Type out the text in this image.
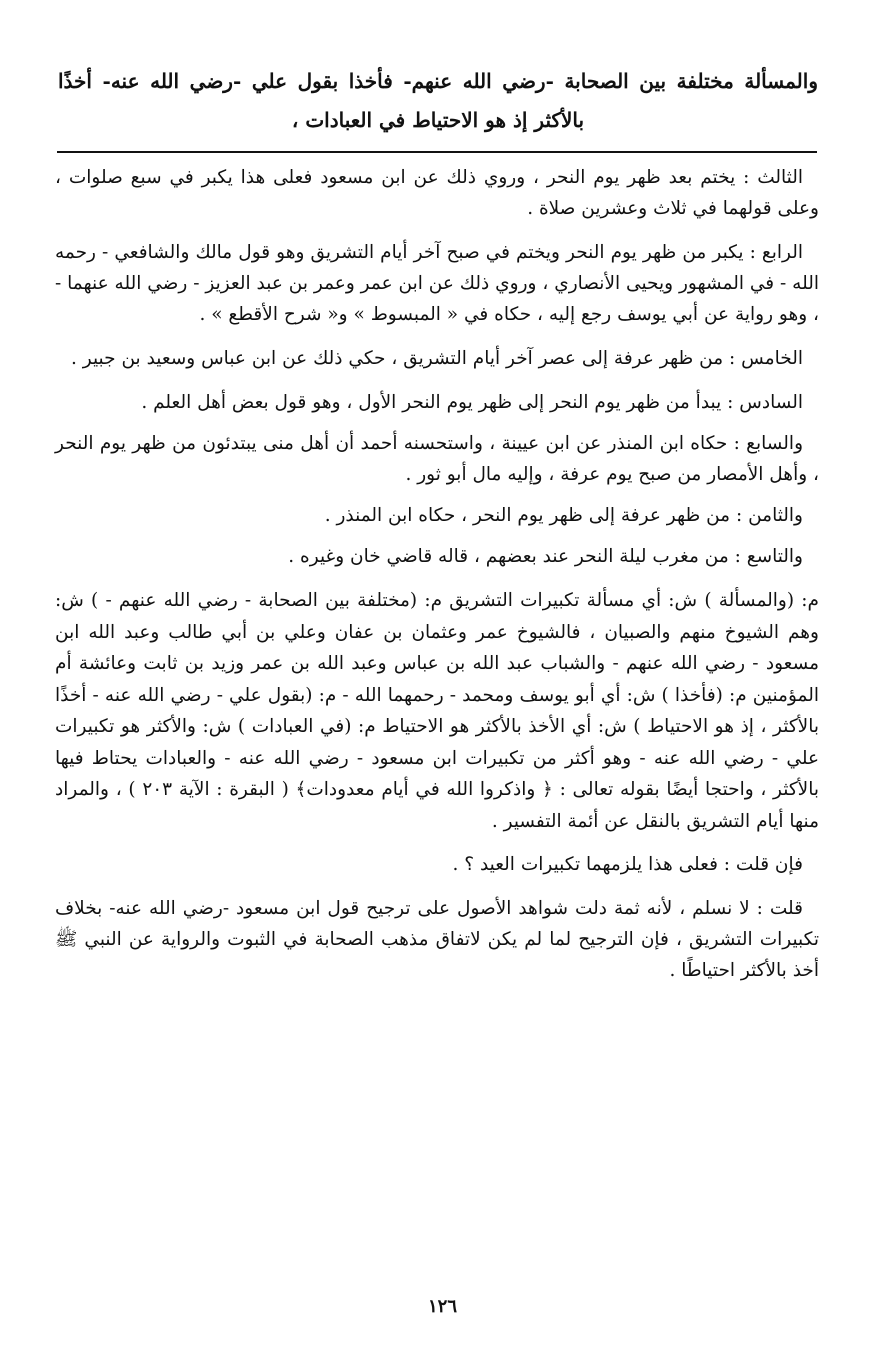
والمسألة مختلفة بين الصحابة -رضي الله عنهم- فأخذا بقول علي -رضي الله عنه- أخذًا بالأكثر إذ هو الاحتياط في العبادات ،

الثالث : يختم بعد ظهر يوم النحر ، وروي ذلك عن ابن مسعود فعلى هذا يكبر في سبع صلوات ، وعلى قولهما في ثلاث وعشرين صلاة .

الرابع : يكبر من ظهر يوم النحر ويختم في صبح آخر أيام التشريق وهو قول مالك والشافعي - رحمه الله - في المشهور ويحيى الأنصاري ، وروي ذلك عن ابن عمر وعمر بن عبد العزيز - رضي الله عنهما - ، وهو رواية عن أبي يوسف رجع إليه ، حكاه في « المبسوط » و« شرح الأقطع » .

الخامس : من ظهر عرفة إلى عصر آخر أيام التشريق ، حكي ذلك عن ابن عباس وسعيد بن جبير .

السادس : يبدأ من ظهر يوم النحر إلى ظهر يوم النحر الأول ، وهو قول بعض أهل العلم .

والسابع : حكاه ابن المنذر عن ابن عيينة ، واستحسنه أحمد أن أهل منى يبتدئون من ظهر يوم النحر ، وأهل الأمصار من صبح يوم عرفة ، وإليه مال أبو ثور .

والثامن : من ظهر عرفة إلى ظهر يوم النحر ، حكاه ابن المنذر .

والتاسع : من مغرب ليلة النحر عند بعضهم ، قاله قاضي خان وغيره .

م: (والمسألة ) ش: أي مسألة تكبيرات التشريق م: (مختلفة بين الصحابة - رضي الله عنهم - ) ش: وهم الشيوخ منهم والصبيان ، فالشيوخ عمر وعثمان بن عفان وعلي بن أبي طالب وعبد الله ابن مسعود - رضي الله عنهم - والشباب عبد الله بن عباس وعبد الله بن عمر وزيد بن ثابت وعائشة أم المؤمنين م: (فأخذا ) ش: أي أبو يوسف ومحمد - رحمهما الله - م: (بقول علي - رضي الله عنه - أخذًا بالأكثر ، إذ هو الاحتياط ) ش: أي الأخذ بالأكثر هو الاحتياط م: (في العبادات ) ش: والأكثر هو تكبيرات علي - رضي الله عنه - وهو أكثر من تكبيرات ابن مسعود - رضي الله عنه - والعبادات يحتاط فيها بالأكثر ، واحتجا أيضًا بقوله تعالى : ﴿ واذكروا الله في أيام معدودات﴾ ( البقرة : الآية ٢٠٣ ) ، والمراد منها أيام التشريق بالنقل عن أئمة التفسير .

فإن قلت : فعلى هذا يلزمهما تكبيرات العيد ؟ .

قلت : لا نسلم ، لأنه ثمة دلت شواهد الأصول على ترجيح قول ابن مسعود -رضي الله عنه- بخلاف تكبيرات التشريق ، فإن الترجيح لما لم يكن لاتفاق مذهب الصحابة في الثبوت والرواية عن النبي ﷺ أخذ بالأكثر احتياطًا .

١٢٦
